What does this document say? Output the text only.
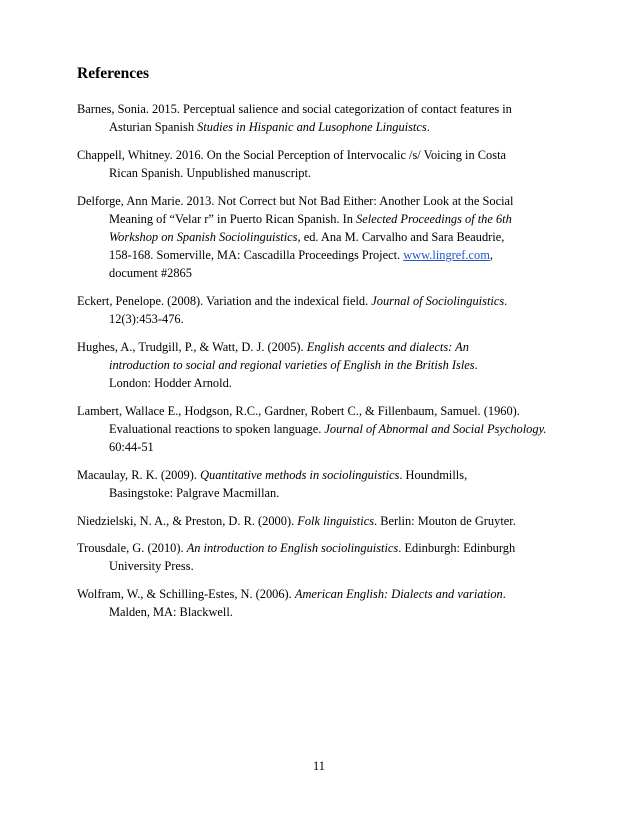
References
Barnes, Sonia. 2015. Perceptual salience and social categorization of contact features in
Asturian Spanish Studies in Hispanic and Lusophone Linguistcs.
Chappell, Whitney. 2016. On the Social Perception of Intervocalic /s/ Voicing in Costa
Rican Spanish. Unpublished manuscript.
Delforge, Ann Marie. 2013. Not Correct but Not Bad Either: Another Look at the Social
Meaning of “Velar r” in Puerto Rican Spanish. In Selected Proceedings of the 6th
Workshop on Spanish Sociolinguistics, ed. Ana M. Carvalho and Sara Beaudrie,
158-168. Somerville, MA: Cascadilla Proceedings Project. www.lingref.com,
document #2865
Eckert, Penelope. (2008). Variation and the indexical field. Journal of Sociolinguistics.
12(3):453-476.
Hughes, A., Trudgill, P., & Watt, D. J. (2005). English accents and dialects: An
introduction to social and regional varieties of English in the British Isles.
London: Hodder Arnold.
Lambert, Wallace E., Hodgson, R.C., Gardner, Robert C., & Fillenbaum, Samuel. (1960).
Evaluational reactions to spoken language. Journal of Abnormal and Social Psychology.
60:44-51
Macaulay, R. K. (2009). Quantitative methods in sociolinguistics. Houndmills,
Basingstoke: Palgrave Macmillan.
Niedzielski, N. A., & Preston, D. R. (2000). Folk linguistics. Berlin: Mouton de Gruyter.
Trousdale, G. (2010). An introduction to English sociolinguistics. Edinburgh: Edinburgh
University Press.
Wolfram, W., & Schilling-Estes, N. (2006). American English: Dialects and variation.
Malden, MA: Blackwell.
11
